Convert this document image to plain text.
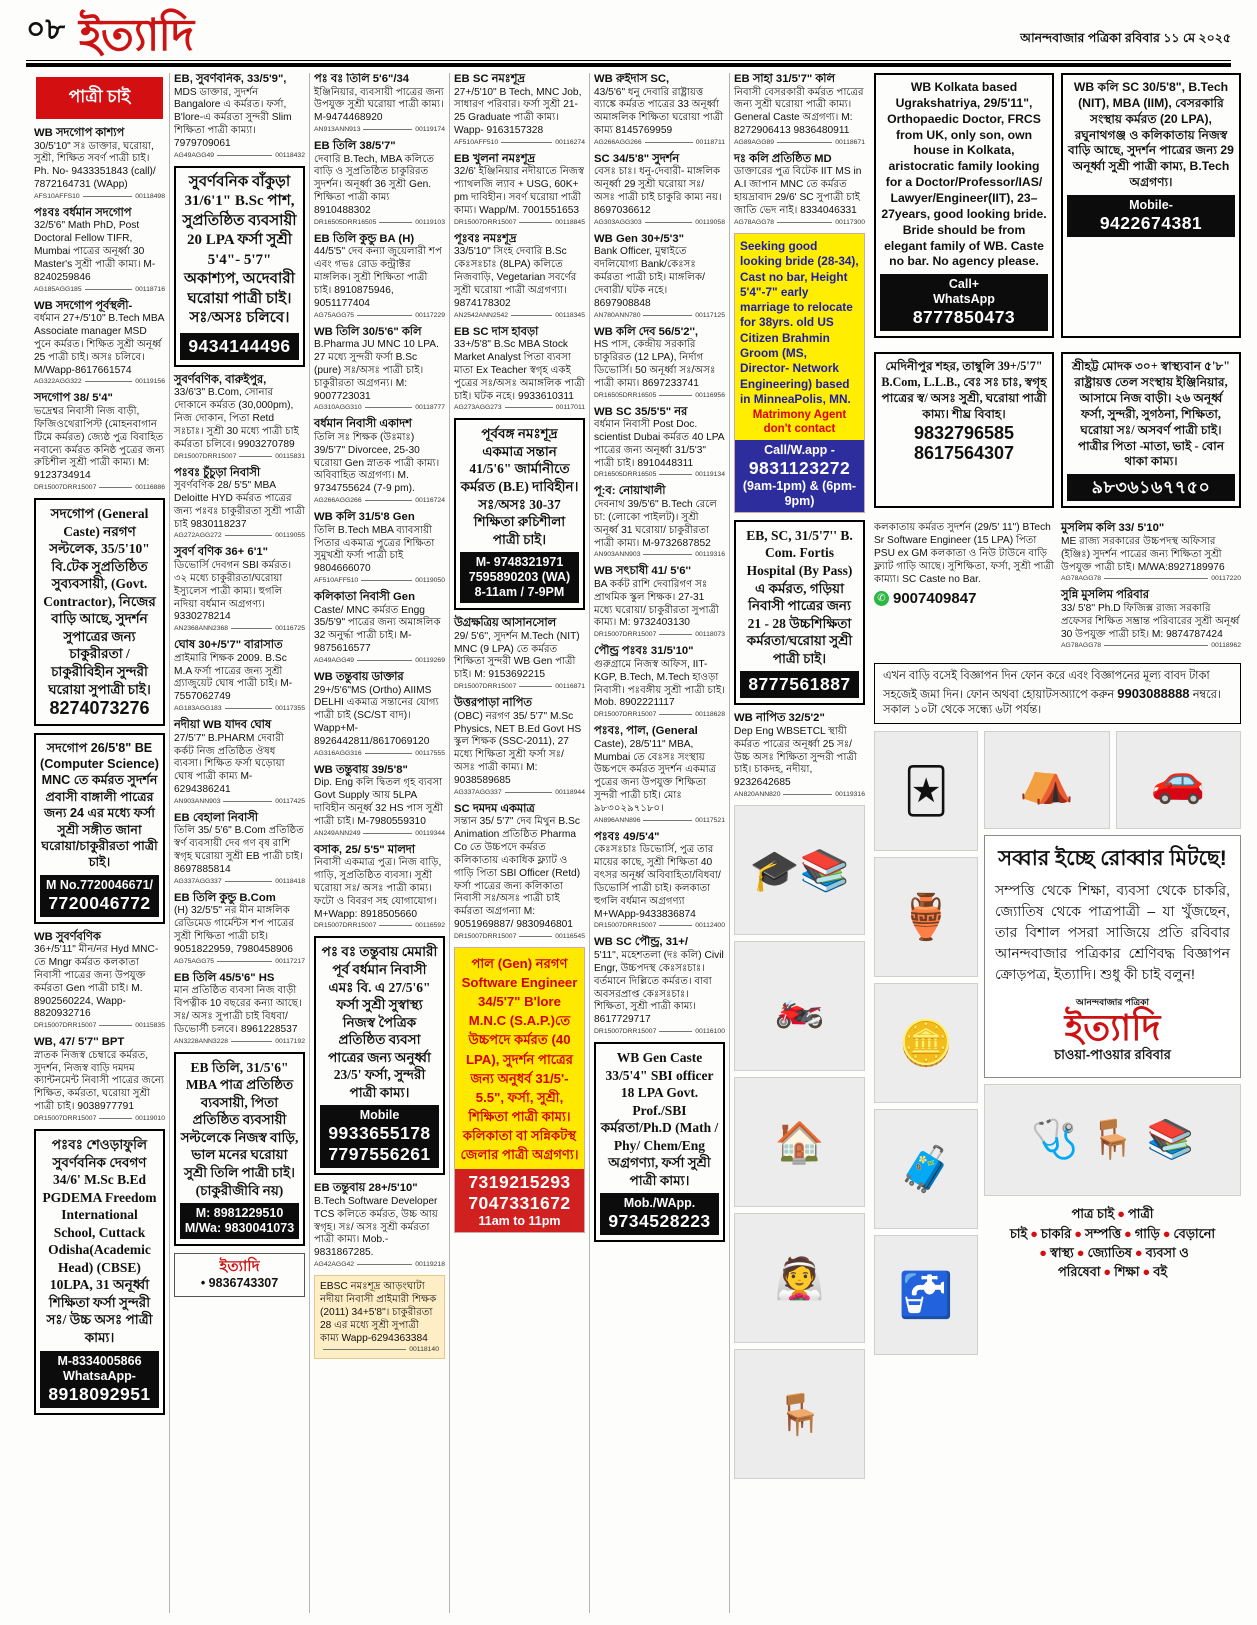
০৮ ইত্যাদি	আনন্দবাজার পত্রিকা রবিবার ১১ মে ২০২৫
পাত্রী চাই
WB সদগোপ কাশ্যপ
30/5'10" সঃ ডাক্তার, ঘরোয়া, সুশ্রী, শিক্ষিত সবর্ণ পাত্রী চাই। Ph. No- 9433351843 (call)/ 7872164731 (WApp)
AFS10AFFS10	00118498
পঃবঃ বর্ধমান সদগোপ
32/5'6" Math PhD, Post Doctoral Fellow TIFR, Mumbai পাত্রের অনূর্ধ্বা 30 Master's সুশ্রী পাত্রী কাম্য। M-8240259846
AG185AGG185	00118716
WB সদগোপ পূর্বস্থলী-
বর্ধমান 27+/5'10" B.Tech MBA Associate manager MSD পুনে কর্মরত। শিক্ষিত সুশ্রী অনূর্ধ্ব 25 পাত্রী চাই। অসঃ চলিবে। M/Wapp-8617661574
AG322AGG322	00119156
সদগোপ 38/ 5'4"
ভদ্রেশ্বর নিবাসী নিজ বাড়ী, ফিজিওথেরাপিস্ট (মোহনবাগান টিমে কর্মরত) জ্যেষ্ঠ পুত্র বিবাহিত নবান্যে কর্মরত কনিষ্ঠ পুত্রের জন্য রুচিশীল সুশ্রী পাত্রী কাম্য। M: 9123734914
DR15007DRR15007	00116886
সদগোপ (General Caste) নরগণ সল্টলেক, 35/5'10" বি.টেক সুপ্রতিষ্ঠিত সুব্যবসায়ী, (Govt. Contractor), নিজের বাড়ি আছে, সুদর্শন সুপাত্রের জন্য চাকুরীরতা /চাকুরীবিহীন সুন্দরী ঘরোয়া সুপাত্রী চাই।
8274073276
সদগোপ 26/5'8" BE (Computer Science) MNC তে কর্মরত সুদর্শন প্রবাসী বাঙ্গালী পাত্রের জন্য 24 এর মধ্যে ফর্সা সুশ্রী সঙ্গীত জানা ঘরোয়া/চাকুরীরতা পাত্রী চাই।
M No.7720046671/
7720046772
WB সুবর্ণবণিক
36+/5'11" মীন/নর Hyd MNC-তে Mngr কর্মরত কলকাতা নিবাসী পাত্রের জন্য উপযুক্ত কর্মরতা Gen পাত্রী চাই। M. 8902560224, Wapp- 8820932716
DR15007DRR15007	00115835
WB, 47/ 5'7'' BPT
স্নাতক নিজস্ব চেম্বারে কর্মরত, সুদর্শন, নিজস্ব বাড়ি দমদম ক্যান্টনমেন্ট নিবাসী পাত্রের জন্যে শিক্ষিত, কর্মরতা, ঘরোয়া সুশ্রী পাত্রী চাই। 9038977791
DR15007DRR15007	00119010
পঃবঃ শেওড়াফুলি সুবর্ণবনিক দেবগণ 34/6' M.Sc B.Ed PGDEMA Freedom International School, Cuttack Odisha(Academic Head) (CBSE) 10LPA, 31 অনূর্ধ্বা শিক্ষিতা ফর্সা সুন্দরী সঃ/ উচ্চ অসঃ পাত্রী কাম্য।
M-8334005866
WhatsaApp-
8918092951
EB, সুবর্ণবনিক, 33/5'9",
MDS ডাক্তার, সুদর্শন Bangalore এ কর্মরত। ফর্সা, B'lore-এ কর্মরতা সুন্দরী Slim শিক্ষিতা পাত্রী কাম্যা। 7979709061
AG49AGG49	00118432
সুবর্ণবনিক বাঁকুড়া 31/6'1" B.Sc পাশ, সুপ্রতিষ্ঠিত ব্যবসায়ী 20 LPA ফর্সা সুশ্রী 5'4"- 5'7" অকাশ্যপ, অদেবারী ঘরোয়া পাত্রী চাই। সঃ/অসঃ চলিবে।
9434144496
সুবর্ণবণিক, বারুইপুর,
33/6'3" B.Com, সোনার দোকানে কর্মরত (30,000pm), নিজ দোকান, পিতা Retd সঃচাঃ। সুশ্রী 30 মধ্যে পাত্রী চাই কর্মরতা চলিবে। 9903270789
DR15007DRR15007	00115831
পঃবঃ চুঁচুড়া নিবাসী
সুবর্ণবণিক 28/ 5'5" MBA Deloitte HYD কর্মরত পাত্রের জন্য পঃবঃ চাকুরীরতা সুশ্রী পাত্রী চাই 9830118237
AG272AGG272	00119055
সুবর্ণ বণিক 36+ 6'1"
ডিভোর্সি দেবগন SBI কর্মরত। ৩২ মধ্যে চাকুরীরতা/ঘরোয়া ইস্যুলেস পাত্রী কাম্য। হুগলি নদিয়া বর্ধমান অগ্রগণ্য। 9330278214
AN2368ANN2368	00116725
ঘোষ 30+/5'7" বারাসাত
প্রাইমারি শিক্ষক 2009. B.Sc M.A ফর্সা পাত্রের জন্য সুশ্রী গ্র্যাজুয়েট ঘোষ পাত্রী চাই। M-7557062749
AG183AGG183	00117355
নদীয়া WB যাদব ঘোষ
27/5'7" B.PHARM দেবারী কর্কট নিজ প্রতিষ্ঠিত ঔষধ ব্যবসা। শিক্ষিত ফর্সা ঘড়োয়া ঘোষ পাত্রী কাম্য M-6294386241
AN903ANN903	00117425
EB বেহালা নিবাসী
তিলি 35/ 5'6" B.Com প্রতিষ্ঠিত স্বর্ণ ব্যবসায়ী দেব গণ বৃষ রাশি স্বগৃহ ঘরোয়া সুশ্রী EB পাত্রী চাই। 8697885814
AG337AGG337	00118418
EB তিলি কুন্ডু B.Com
(H) 32/5'5" নর মীন মাঙ্গলিক রেডিমেড গার্মেন্টস শপ পাত্রের সুশ্রী শিক্ষিতা পাত্রী চাই। 9051822959, 7980458906
AG75AGG75	00117217
EB তিলি 45/5'6" HS
মান প্রতিষ্ঠিত ব্যবসা নিজ বাড়ী বিপত্নীক 10 বছরের কন্যা আছে। সঃ/ অসঃ সুপাত্রী চাই বিধবা/ডিভোর্সী চলবে। 8961228537
AN3228ANN3228	00117192
EB তিলি, 31/5'6" MBA পাত্র প্রতিষ্ঠিত ব্যবসায়ী, পিতা প্রতিষ্ঠিত ব্যবসায়ী সল্টলেকে নিজস্ব বাড়ি, ভাল মনের ঘরোয়া সুশ্রী তিলি পাত্রী চাই। (চাকুরীজীবি নয়)
M: 8981229510
M/Wa: 9830041073
ইত্যাদি
• 9836743307
পঃ বঃ তিলি 5'6"/34
ইঞ্জিনিয়ার, ব্যবসায়ী পাত্রের জন্য উপযুক্ত সুশ্রী ঘরোয়া পাত্রী কাম্য। M-9474468920
AN913ANN913	00119174
EB তিলি 38/5'7"
দেবারি B.Tech, MBA কলিতে বাড়ি ও সুপ্রতিষ্ঠিত চাকুরিরত সুদর্শন। অনূর্ধ্বা 36 সুশ্রী Gen. শিক্ষিতা পাত্রী কাম্য 8910488302
DR16505DRR16505	00119103
EB তিলি কুন্ডু BA (H)
44/5'5" দেব কন্যা জুয়েলারী শপ এবং গভঃ রোড কন্ট্রাক্টর মাঙ্গলিক। সুশ্রী শিক্ষিতা পাত্রী চাই। 8910875946, 9051177404
AG75AGG75	00117229
WB তিলি 30/5'6" কলি
B.Pharma JU MNC 10 LPA. 27 মধ্যে সুন্দরী ফর্সা B.Sc (pure) সঃ/অসঃ পাত্রী চাই। চাকুরীরতা অগ্রগন্য। M: 9007723031
AG310AGG310	00118777
বর্ধমান নিবাসী একাদশ
তিলি সঃ শিক্ষক (উঃমাঃ) 39/5'7" Divorcee, 25-30 ঘরোয়া Gen স্নাতক পাত্রী কাম্য। অবিবাহিত অগ্রগণ্য। M. 9734755624 (7-9 pm).
AG266AGG266	00116724
WB কলি 31/5'8 Gen
তিলি B.Tech MBA ব্যাবসায়ী পিতার একমাত্র পুত্রের শিক্ষিতা সুমুখশ্রী ফর্সা পাত্রী চাই 9804666070
AF510AFF510	00119050
কলিকাতা নিবাসী Gen
Caste/ MNC কর্মরত Engg 35/5'9" পাত্রের জন্য অমাঙ্গলিক 32 অনুর্দ্ধা পাত্রী চাই। M-9875616577
AG49AGG49	00119269
WB তন্তুবায় ডাক্তার
29+/5'6"MS (Ortho) AIIMS DELHI একমাত্র সন্তানের যোগ্য পাত্রী চাই (SC/ST বাদ)। Wapp+M- 8926442811/8617069120
AG316AGG316	00117555
WB তন্তুবায় 39/5'8"
Dip. Eng কলি দ্বিতল গৃহ ব্যবসা Govt Supply আয় 5LPA দাবিহীন অনূর্ধ্ব 32 HS পাস সুশ্রী পাত্রী চাই। M-7980559310
AN249ANN249	00119344
বসাক, 25/ 5'5" মালদা
নিবাসী একমাত্র পুত্র। নিজ বাড়ি, গাড়ি, সুপ্রতিষ্ঠিত ব্যবসা। সুশ্রী ঘরোয়া সঃ/ অসঃ পাত্রী কাম্য। ফটো ও বিবরণ সহ যোগাযোগ। M+Wapp: 8918505660
DR15007DRR15007	00116592
পঃ বঃ তন্তুবায় মেমারী পূর্ব বর্ধমান নিবাসী এমঃ বি. এ 27/5'6" ফর্সা সুশ্রী সুস্বাস্থ্য নিজস্ব পৈত্রিক প্রতিষ্ঠিত ব্যবসা পাত্রের জন্য অনুর্ধ্বা 23/5' ফর্সা, সুন্দরী পাত্রী কাম্য।
Mobile
9933655178
7797556261
EB তন্তুবায় 28+/5'10"
B.Tech Software Developer TCS কলিতে কর্মরত, উচ্চ আয় স্বগৃহ। সঃ/ অসঃ সুশ্রী কর্মরতা পাত্রী কাম্য। Mob.- 9831867285.
AG42AGG42	00119218
EBSC নমঃশূদ্র আড়ংঘাটা নদীয়া নিবাসী প্রাইমারী শিক্ষক (2011) 34+5'8"। চাকুরীরতা 28 এর মধ্যে সুশ্রী সুপাত্রী কাম্য Wapp-6294363384
00118140
EB SC নমঃশূদ্র
27+/5'10" B Tech, MNC Job, সাধারণ পরিবার। ফর্সা সুশ্রী 21-25 Graduate পাত্রী কাম্য। Wapp- 9163157328
AF510AFF510	00116274
EB খুলনা নমঃশূদ্র
32/6' ইঞ্জিনিয়ার নদীয়াতে নিজস্ব প্যাথলজি ল্যাব + USG, 60K+ pm দাবিহীন। সবর্ণ ঘরোয়া পাত্রী কাম্য। Wapp/M. 7001551653
DR15007DRR15007	00118845
পূঃবঃ নমঃশূদ্র
33/5'10" সিংহ দেবারি B.Sc কেঃসঃচাঃ (8LPA) কলিতে নিজবাড়ি, Vegetarian সবর্ণের সুশ্রী ঘরোয়া পাত্রী অগ্রগণ্যা। 9874178302
AN2542ANN2542	00118345
EB SC দাস হাবড়া
33+/5'8" B.Sc MBA Stock Market Analyst পিতা ব্যবসা মাতা Ex Teacher স্বগৃহ একই পুত্রের সঃ/অসঃ অমাঙ্গলিক পাত্রী চাই। ঘটক নহে। 9933610311
AG273AGG273	00117011
পূর্ববঙ্গ নমঃশূদ্র একমাত্র সন্তান 41/5'6" জার্মানীতে কর্মরত (B.E) দাবিহীন। সঃ/অসঃ 30-37 শিক্ষিতা রুচিশীলা পাত্রী চাই।
M- 9748321971
7595890203 (WA)
8-11am / 7-9PM
উগ্রক্ষত্রিয় আসানসোল
29/ 5'6'', সুদর্শন M.Tech (NIT) MNC (9 LPA) তে কর্মরত শিক্ষিতা সুন্দরী WB Gen পাত্রী চাই। M: 9153692215
DR15007DRR15007	00116871
উত্তরপাড়া নাপিত
(OBC) নরগণ 35/ 5'7'' M.Sc Physics, NET B.Ed Govt HS স্কুল শিক্ষক (SSC-2011), 27 মধ্যে শিক্ষিতা সুশ্রী ফর্সা সঃ/ অসঃ পাত্রী কাম্য। M: 9038589685
AG337AGG337	00118944
SC দমদম একমাত্র
সন্তান 35/ 5'7" দেব মিথুন B.Sc Animation প্রতিষ্ঠিত Pharma Co তে উচ্চপদে কর্মরত কলিকাতায় একাধিক ফ্ল্যাট ও গাড়ি পিতা SBI Officer (Retd) ফর্সা পাত্রের জন্য কলিকাতা নিবাসী সঃ/অসঃ পাত্রী চাই কর্মরতা অগ্রগন্যা M: 9051969887/ 9830946801
DR15007DRR15007	00116545
পাল (Gen) নরগণ Software Engineer 34/5'7" B'lore M.N.C (S.A.P.)তে উচ্চপদে কর্মরত (40 LPA), সুদর্শন পাত্রের জন্য অনুধর্ব 31/5'- 5.5", ফর্সা, সুশ্রী, শিক্ষিতা পাত্রী কাম্য। কলিকাতা বা সন্নিকটস্থ জেলার পাত্রী অগ্রগণ্য।
7319215293
7047331672
11am to 11pm
WB রুইদাস SC,
43/5'6" ধনু দেবারি রাষ্ট্রায়ত্ত ব্যাঙ্কে কর্মরত পাত্রের 33 অনূর্ধ্বা অমাঙ্গলিক শিক্ষিতা ঘরোয়া পাত্রী কাম্য 8145769959
AG266AGG266	00118711
SC 34/5'8" সুদর্শন
বেসঃ চাঃ। ধনু-দেবারী- মাঙ্গলিক অনূর্ধ্বা 29 সুশ্রী ঘরোয়া সঃ/অসঃ পাত্রী চাই চাকুরি কাম্য নয়। 8697036612
AG303AGG303	00119058
WB Gen 30+/5'3"
Bank Officer, মুম্বাইতে বদলিযোগ্য Bank/কেঃসঃ কর্মরতা পাত্রী চাই। মাঙ্গলিক/দেবারী/ ঘটক নহে। 8697908848
AN780ANN780	00117125
WB কলি দেব 56/5'2'',
HS পাস, কেন্দ্রীয় সরকারি চাকুরিরত (12 LPA), নির্দাগ ডিভোর্সি। 50 অনূর্ধ্বা সঃ/অসঃ পাত্রী কাম্য। 8697233741
DR16505DRR16505	00116956
WB SC 35/5'5" নর
বর্ধমান নিবাসী Post Doc. scientist Dubai কর্মরত 40 LPA পাত্রের জন্য অনূর্ধ্বা 31/5'3" পাত্রী চাই। 8910448311
DR16505DRR16505	00119134
পূ:ব: নোয়াখালী
দেবনাথ 39/5'6" B.Tech রেলে চা: (লোকো পাইলট)। সুশ্রী অনূর্ধ্ব 31 ঘরোয়া/ চাকুরীরতা পাত্রী কাম্য। M-9732687852
AN903ANN903	00119316
WB সৎচাষী 41/ 5'6''
BA কর্কট রাশি দেবারিগণ সঃ প্রাথমিক স্কুল শিক্ষক। 27-31 মধ্যে ঘরোয়া/ চাকুরীরতা সুপাত্রী কাম্য। M: 9732403130
DR15007DRR15007	00118073
পৌন্ড্র পঃবঃ 31/5'10"
গুরুগ্রামে নিজস্ব অফিস, IIT-KGP, B.Tech, M.Tech হাওড়া নিবাসী। পঃবঙ্গীয় সুশ্রী পাত্রী চাই। Mob. 8902221117
DR15007DRR15007	00118628
পঃবঃ, পাল, (General
Caste), 28/5'11" MBA, Mumbai তে বেঃসঃ সংস্থায় উচ্চপদে কর্মরত সুদর্শন একমাত্র পুত্রের জন্য উপযুক্ত শিক্ষিতা সুন্দরী পাত্রী চাই। মোঃ ৯৮৩০২৯৭১৮০।
AN896ANN896	00117521
পঃবঃ 49/5'4"
কেঃসঃচাঃ ডিভোর্সি, পুত্র তার মায়ের কাছে, সুশ্রী শিক্ষিতা 40 বৎসর অনূর্ধ্ব অবিবাহিতা/বিধবা/ডিভোর্সি পাত্রী চাই। কলকাতা হুগলি বর্ধমান অগ্রগণ্যা M+WApp-9433836874
DR15007DRR15007	00112400
WB SC পৌন্ড্র, 31+/
5'11", মহেশতলা (দঃ কলি) Civil Engr, উচ্চপদস্থ কেঃসঃচাঃ। বর্তমানে দিল্লিতে কর্মরত। বাবা অবসরপ্রাপ্ত কেঃসঃচাঃ। শিক্ষিতা, সুশ্রী পাত্রী কাম্য। 8617729717
DR15007DRR15007	00116100
WB Gen Caste 33/5'4" SBI officer 18 LPA Govt. Prof./SBI কর্মরতা/Ph.D (Math / Phy/ Chem/Eng অগ্রগণ্যা, ফর্সা সুশ্রী পাত্রী কাম্য।
Mob./WApp.
9734528223
EB সাহা 31/5'7" কলি
নিবাসী বেসরকারী কর্মরত পাত্রের জন্য সুশ্রী ঘরোয়া পাত্রী কাম্য। General Caste অগ্রগণ্য। M: 8272906413 9836480911
AG89AGG89	00118671
দঃ কলি প্রতিষ্ঠিত MD
ডাক্তারের পুত্র বিটেক IIT MS in A.I জাপান MNC তে কর্মরত হায়দ্রাবাদ 29/6' SC সুপাত্রী চাই জাতি ভেদ নাই। 8334046331
AG78AGG78	00117300
Seeking good looking bride (28-34), Cast no bar, Height 5'4"-7" early marriage to relocate for 38yrs. old US Citizen Brahmin Groom (MS, Director- Network Engineering) based in MinneaPolis, MN.
Matrimony Agent don't contact
Call/W.app -
9831123272
(9am-1pm) & (6pm-9pm)
EB, SC, 31/5'7'' B. Com. Fortis Hospital (By Pass) এ কর্মরত, গড়িয়া নিবাসী পাত্রের জন্য 21 - 28 উচ্চশিক্ষিতা কর্মরতা/ঘরোয়া সুশ্রী পাত্রী চাই।
8777561887
WB নাপিত 32/5'2"
Dep Eng WBSETCL স্থায়ী কর্মরত পাত্রের অনূর্ধ্বা 25 সঃ/উচ্চ অসঃ শিক্ষিতা সুন্দরী পাত্রী চাই। চাকদহ, নদীয়া, 9232642685
AN820ANN820	00119316
🎓📚
🏍️
🏠
👰
🪑
WB Kolkata based Ugrakshatriya, 29/5'11", Orthopaedic Doctor, FRCS from UK, only son, own house in Kolkata, aristocratic family looking for a Doctor/Professor/IAS/ Lawyer/Engineer(IIT), 23–27years, good looking bride. Bride should be from elegant family of WB. Caste no bar. No agency please.
Call+
WhatsApp
8777850473
WB কলি SC 30/5'8", B.Tech (NIT), MBA (IIM), বেসরকারি সংস্থায় কর্মরত (20 LPA), রঘুনাথগঞ্জ ও কলিকাতায় নিজস্ব বাড়ি আছে, সুদর্শন পাত্রের জন্য 29 অনূর্ধ্বা সুশ্রী পাত্রী কাম্য, B.Tech অগ্রগণ্য।
Mobile-
9422674381
মেদিনীপুর শহর, তাম্বুলি 39+/5'7" B.Com, L.L.B., বেঃ সঃ চাঃ, স্বগৃহ পাত্রের স্ব/ অসঃ সুশ্রী, ঘরোয়া পাত্রী কাম্য। শীঘ্র বিবাহ।
9832796585
8617564307
শ্রীহট্ট মোদক ৩০+ স্বাস্থ্যবান ৫'৮" রাষ্ট্রায়ত্ত তেল সংস্থায় ইঞ্জিনিয়ার, আসামে নিজ বাড়ী। ২৬ অনূর্ধ্ব ফর্সা, সুন্দরী, সুগঠনা, শিক্ষিতা, ঘরোয়া সঃ/ অসবর্ণ পাত্রী চাই। পাত্রীর পিতা -মাতা, ভাই - বোন থাকা কাম্য।
৯৮৩৬১৬৭৭৫০
কলকাতায় কর্মরত সুদর্শন (29/5' 11") BTech Sr Software Engineer (15 LPA) পিতা PSU ex GM কলকাতা ও নিউ টাউনে বাড়ি ফ্ল্যাট গাড়ি আছে। সুশিক্ষিতা, ফর্সা, সুশ্রী পাত্রী কাম্যা। SC Caste no Bar.
✆ 9007409847
মুসলিম কলি 33/ 5'10"
ME রাজ্য সরকারের উচ্চপদস্থ অফিসার (ইঞ্জিঃ) সুদর্শন পাত্রের জন্য শিক্ষিতা সুশ্রী উপযুক্ত পাত্রী চাই। M/WA:8927189976
AG78AGG78	00117220
সুন্নি মুসলিম পরিবার
33/ 5'8'' Ph.D ফিজিক্স রাজ্য সরকারি প্রফেসর শিক্ষিত সম্ভ্রান্ত পরিবারের সুশ্রী অনূর্ধ্ব 30 উপযুক্ত পাত্রী চাই। M: 9874787424
AG78AGG78	00118962
এখন বাড়ি বসেই বিজ্ঞাপন দিন ফোন করে এবং বিজ্ঞাপনের মূল্য বাবদ টাকা সহজেই জমা দিন। ফোন অথবা হোয়াটসঅ্যাপে করুন 9903088888 নম্বরে। সকাল ১০টা থেকে সন্ধ্যে ৬টা পর্যন্ত।
🃏
🏺
🪙
🧳
🚰
⛺	🚗
সব্বার ইচ্ছে রোব্বার মিটছে!
সম্পত্তি থেকে শিক্ষা, ব্যবসা থেকে চাকরি, জ্যোতিষ থেকে পাত্রপাত্রী – যা খুঁজছেন, তার বিশাল পসরা সাজিয়ে প্রতি রবিবার আনন্দবাজার পত্রিকার শ্রেণিবদ্ধ বিজ্ঞাপন ক্রোড়পত্র, ইত্যাদি। শুধু কী চাই বলুন!
আনন্দবাজার পত্রিকা
ইত্যাদি
চাওয়া-পাওয়ার রবিবার
🩺 🪑 📚
পাত্র চাই ● পাত্রী চাই ● চাকরি ● সম্পত্তি ● গাড়ি ● বেড়ানো
● স্বাস্থ্য ● জ্যোতিষ ● ব্যবসা ও পরিষেবা ● শিক্ষা ● বই
